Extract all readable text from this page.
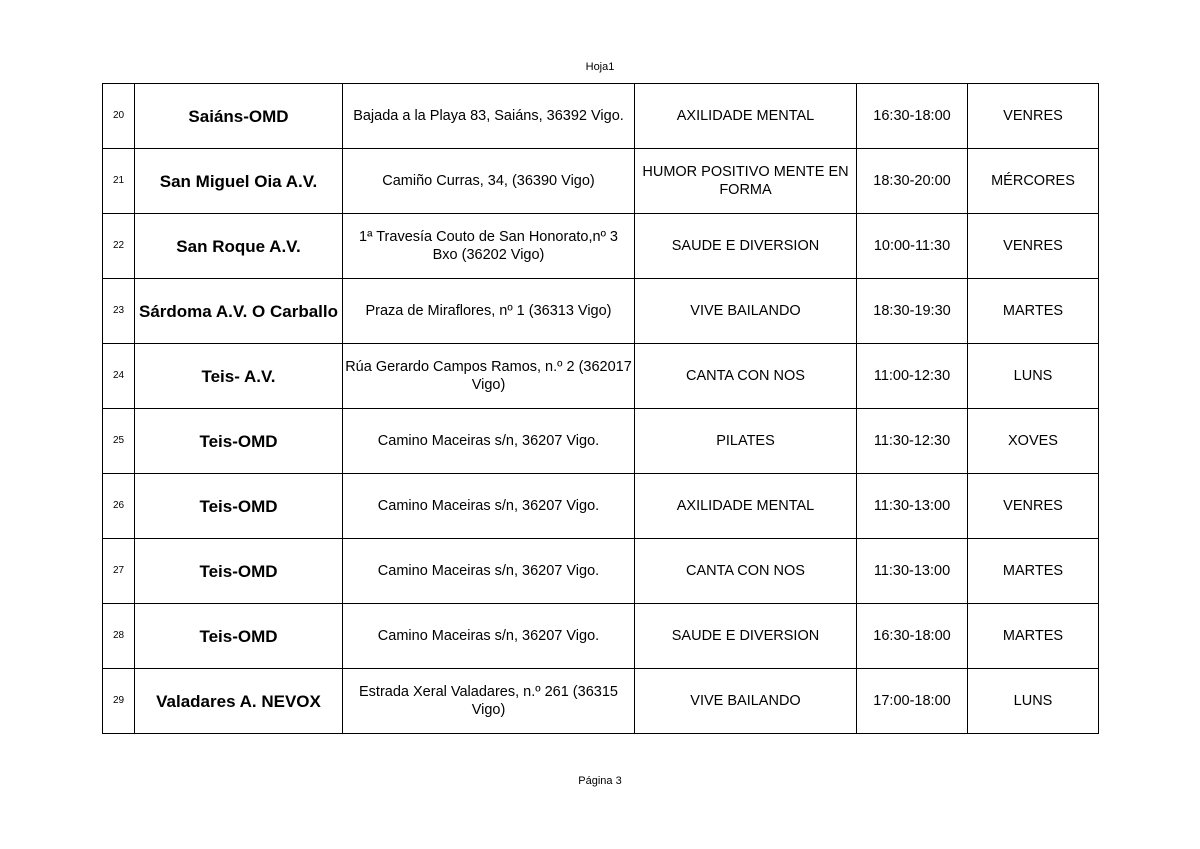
Hoja1
20	Saiáns-OMD	Bajada a la Playa 83, Saiáns, 36392 Vigo.	AXILIDADE MENTAL	16:30-18:00	VENRES
21	San Miguel Oia A.V.	Camiño Curras, 34, (36390 Vigo)	HUMOR POSITIVO MENTE EN FORMA	18:30-20:00	MÉRCORES
22	San Roque A.V.	1ª Travesía Couto de San Honorato,nº 3 Bxo (36202 Vigo)	SAUDE E DIVERSION	10:00-11:30	VENRES
23	Sárdoma A.V. O Carballo	Praza de Miraflores, nº 1 (36313 Vigo)	VIVE BAILANDO	18:30-19:30	MARTES
24	Teis- A.V.	Rúa Gerardo Campos Ramos, n.º 2 (362017 Vigo)	CANTA CON NOS	11:00-12:30	LUNS
25	Teis-OMD	Camino Maceiras s/n, 36207 Vigo.	PILATES	11:30-12:30	XOVES
26	Teis-OMD	Camino Maceiras s/n, 36207 Vigo.	AXILIDADE MENTAL	11:30-13:00	VENRES
27	Teis-OMD	Camino Maceiras s/n, 36207 Vigo.	CANTA CON NOS	11:30-13:00	MARTES
28	Teis-OMD	Camino Maceiras s/n, 36207 Vigo.	SAUDE E DIVERSION	16:30-18:00	MARTES
29	Valadares A. NEVOX	Estrada Xeral Valadares, n.º 261 (36315 Vigo)	VIVE BAILANDO	17:00-18:00	LUNS
Página 3
